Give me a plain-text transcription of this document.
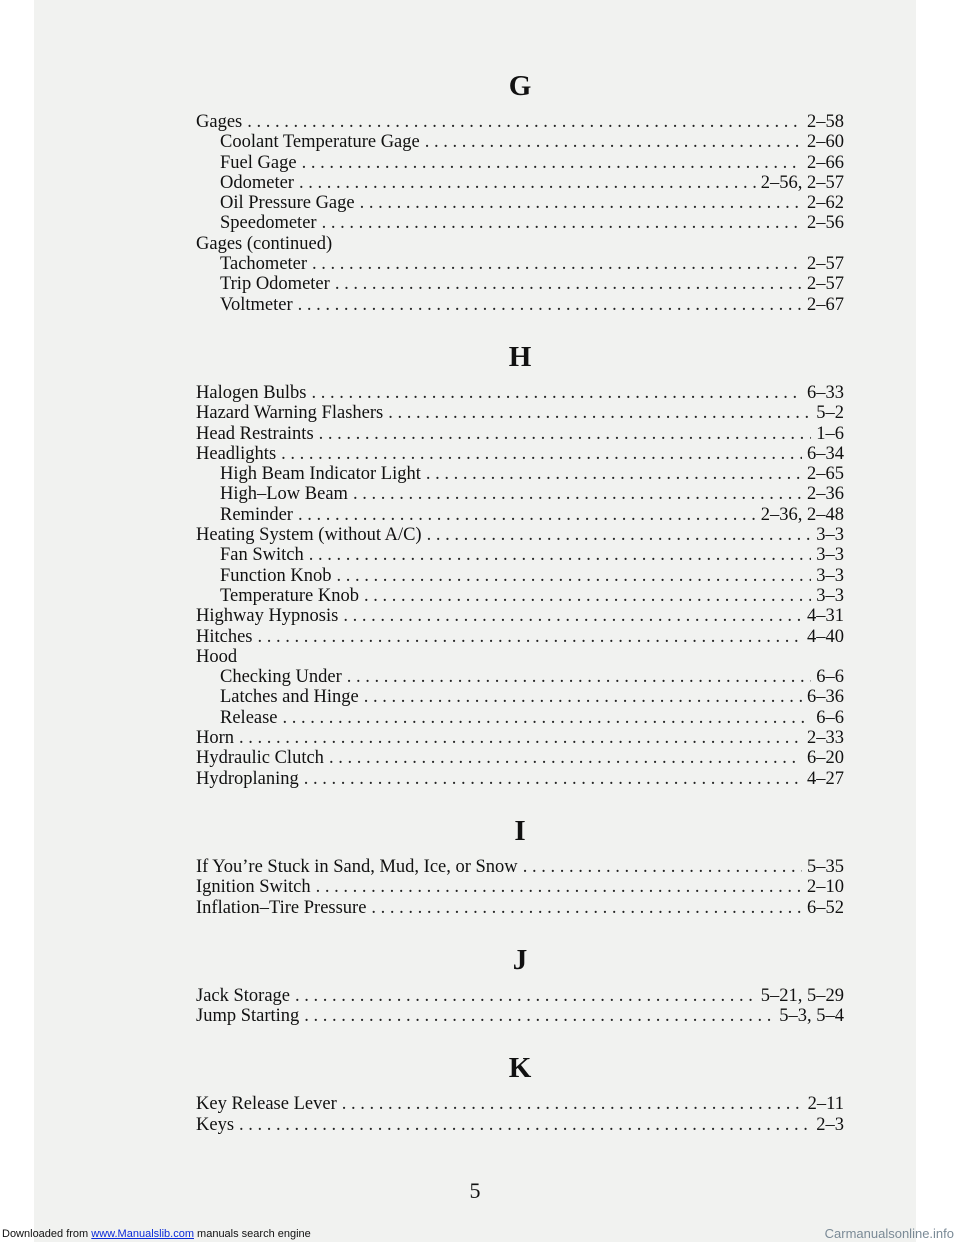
G
Gages . . .	2–58
Coolant Temperature Gage . . .	2–60
Fuel Gage . . .	2–66
Odometer . . .	2–56, 2–57
Oil Pressure Gage . . .	2–62
Speedometer . . .	2–56
Gages (continued)
Tachometer . . .	2–57
Trip Odometer . . .	2–57
Voltmeter . . .	2–67
H
Halogen Bulbs . . .	6–33
Hazard Warning Flashers . . .	5–2
Head Restraints . . .	1–6
Headlights . . .	6–34
High Beam Indicator Light . . .	2–65
High–Low Beam . . .	2–36
Reminder . . .	2–36, 2–48
Heating System (without A/C) . . .	3–3
Fan Switch . . .	3–3
Function Knob . . .	3–3
Temperature Knob . . .	3–3
Highway Hypnosis . . .	4–31
Hitches . . .	4–40
Hood
Checking Under . . .	6–6
Latches and Hinge . . .	6–36
Release . . .	6–6
Horn . . .	2–33
Hydraulic Clutch . . .	6–20
Hydroplaning . . .	4–27
I
If You’re Stuck in Sand, Mud, Ice, or Snow . . .	5–35
Ignition Switch . . .	2–10
Inflation–Tire Pressure . . .	6–52
J
Jack Storage . . .	5–21, 5–29
Jump Starting . . .	5–3, 5–4
K
Key Release Lever . . .	2–11
Keys . . .	2–3
5
Downloaded from www.Manualslib.com manuals search engine	Carmanualsonline.info
